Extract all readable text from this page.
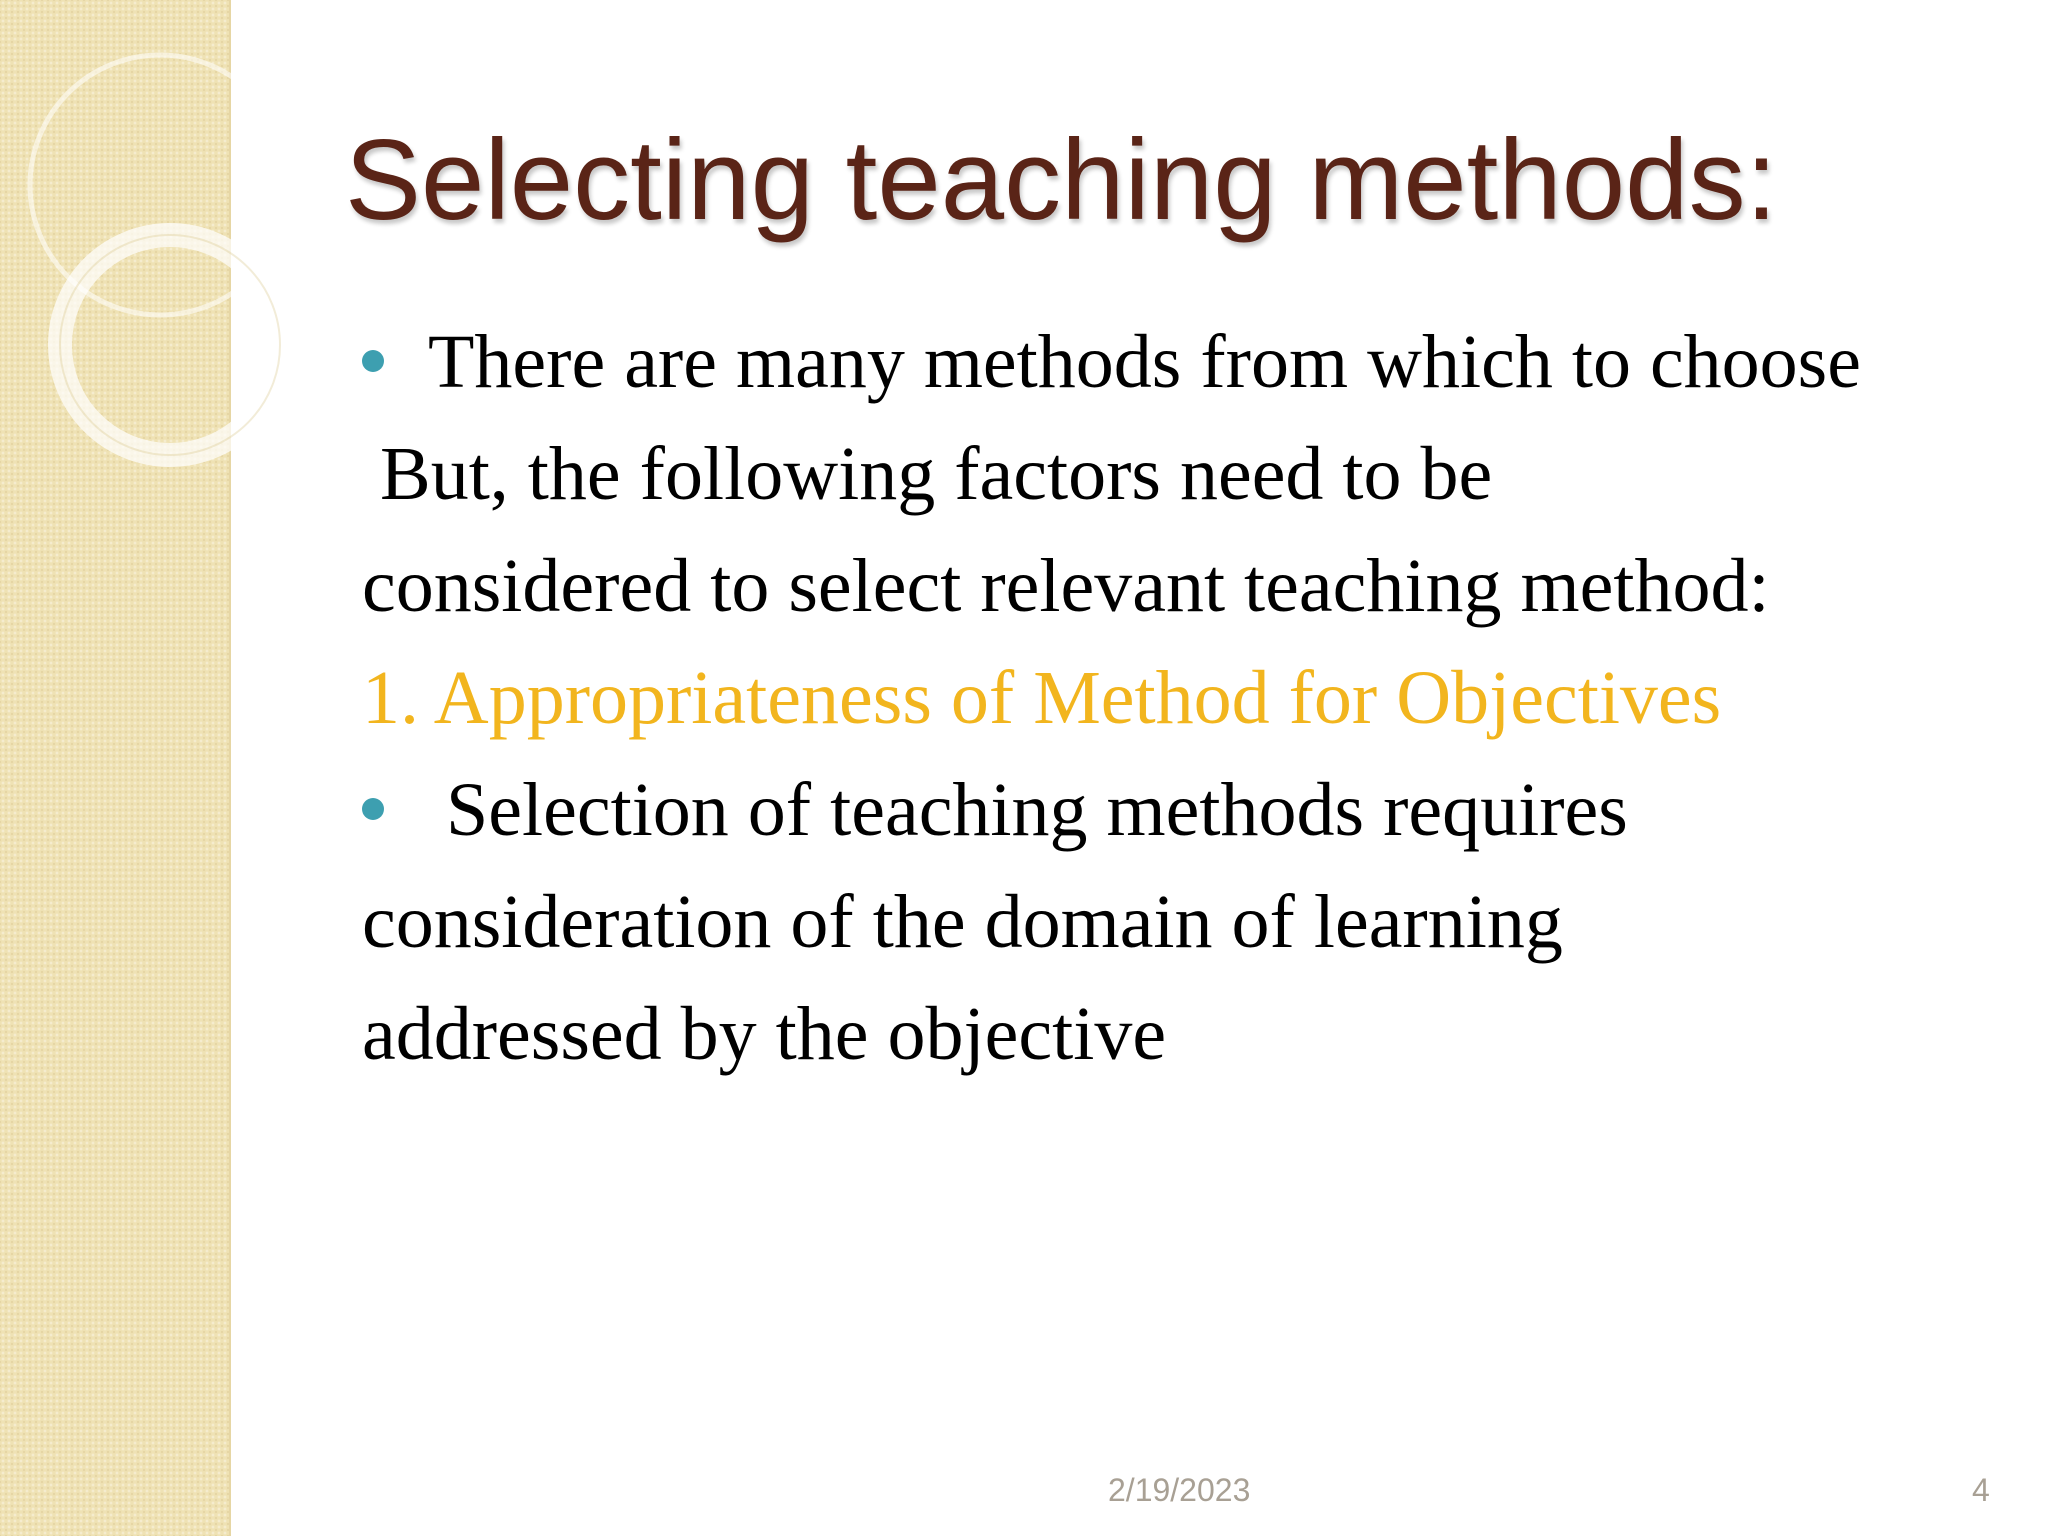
Selecting teaching methods:
There are many methods from which to choose
But, the following factors need to be
considered to select relevant teaching method:
1. Appropriateness of Method for Objectives
Selection of teaching methods requires
consideration of the domain of learning
addressed by the objective
2/19/2023	4
